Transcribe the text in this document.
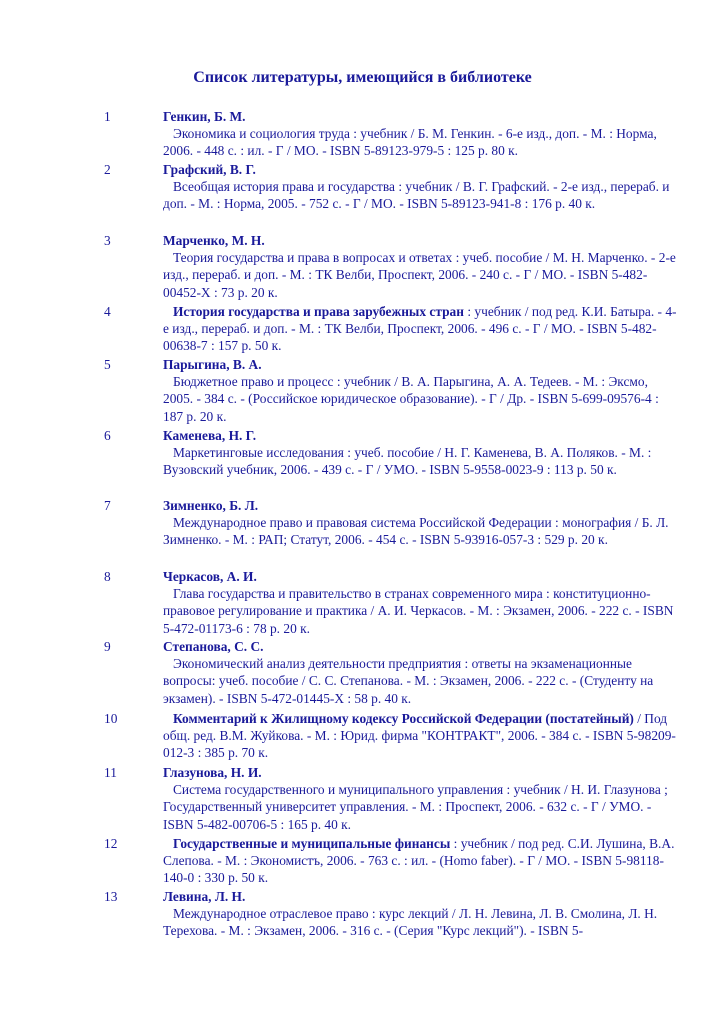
Список литературы, имеющийся в библиотеке
1	Генкин, Б. М.
Экономика и социология труда : учебник / Б. М. Генкин. - 6-е изд., доп. - М. : Норма, 2006. - 448 с. : ил. - Г / МО. - ISBN 5-89123-979-5 : 125 р. 80 к.
2	Графский, В. Г.
Всеобщая история права и государства : учебник / В. Г. Графский. - 2-е изд., перераб. и доп. - М. : Норма, 2005. - 752 с. - Г / МО. - ISBN 5-89123-941-8 : 176 р. 40 к.
3	Марченко, М. Н.
Теория государства и права в вопросах и ответах : учеб. пособие / М. Н. Марченко. - 2-е изд., перераб. и доп. - М. : ТК Велби, Проспект, 2006. - 240 с. - Г / МО. - ISBN 5-482-00452-Х : 73 р. 20 к.
4	История государства и права зарубежных стран : учебник / под ред. К.И. Батыра. - 4-е изд., перераб. и доп. - М. : ТК Велби, Проспект, 2006. - 496 с. - Г / МО. - ISBN 5-482-00638-7 : 157 р. 50 к.
5	Парыгина, В. А.
Бюджетное право и процесс : учебник / В. А. Парыгина, А. А. Тедеев. - М. : Эксмо, 2005. - 384 с. - (Российское юридическое образование). - Г / Др. - ISBN 5-699-09576-4 : 187 р. 20 к.
6	Каменева, Н. Г.
Маркетинговые исследования : учеб. пособие / Н. Г. Каменева, В. А. Поляков. - М. : Вузовский учебник, 2006. - 439 с. - Г / УМО. - ISBN 5-9558-0023-9 : 113 р. 50 к.
7	Зимненко, Б. Л.
Международное право и правовая система Российской Федерации : монография / Б. Л. Зимненко. - М. : РАП; Статут, 2006. - 454 с. - ISBN 5-93916-057-3 : 529 р. 20 к.
8	Черкасов, А. И.
Глава государства и правительство в странах современного мира : конституционно- правовое регулирование и практика / А. И. Черкасов. - М. : Экзамен, 2006. - 222 с. - ISBN 5-472-01173-6 : 78 р. 20 к.
9	Степанова, С. С.
Экономический анализ деятельности предприятия : ответы на экзаменационные вопросы: учеб. пособие / С. С. Степанова. - М. : Экзамен, 2006. - 222 с. - (Студенту на экзамен). - ISBN 5-472-01445-Х : 58 р. 40 к.
10	Комментарий к Жилищному кодексу Российской Федерации (постатейный) / Под общ. ред. В.М. Жуйкова. - М. : Юрид. фирма "КОНТРАКТ", 2006. - 384 с. - ISBN 5-98209-012-3 : 385 р. 70 к.
11	Глазунова, Н. И.
Система государственного и муниципального управления : учебник / Н. И. Глазунова ; Государственный университет управления. - М. : Проспект, 2006. - 632 с. - Г / УМО. - ISBN 5-482-00706-5 : 165 р. 40 к.
12	Государственные и муниципальные финансы : учебник / под ред. С.И. Лушина, В.А. Слепова. - М. : Экономистъ, 2006. - 763 с. : ил. - (Homo faber). - Г / МО. - ISBN 5-98118-140-0 : 330 р. 50 к.
13	Левина, Л. Н.
Международное отраслевое право : курс лекций / Л. Н. Левина, Л. В. Смолина, Л. Н. Терехова. - М. : Экзамен, 2006. - 316 с. - (Серия "Курс лекций"). - ISBN 5-
